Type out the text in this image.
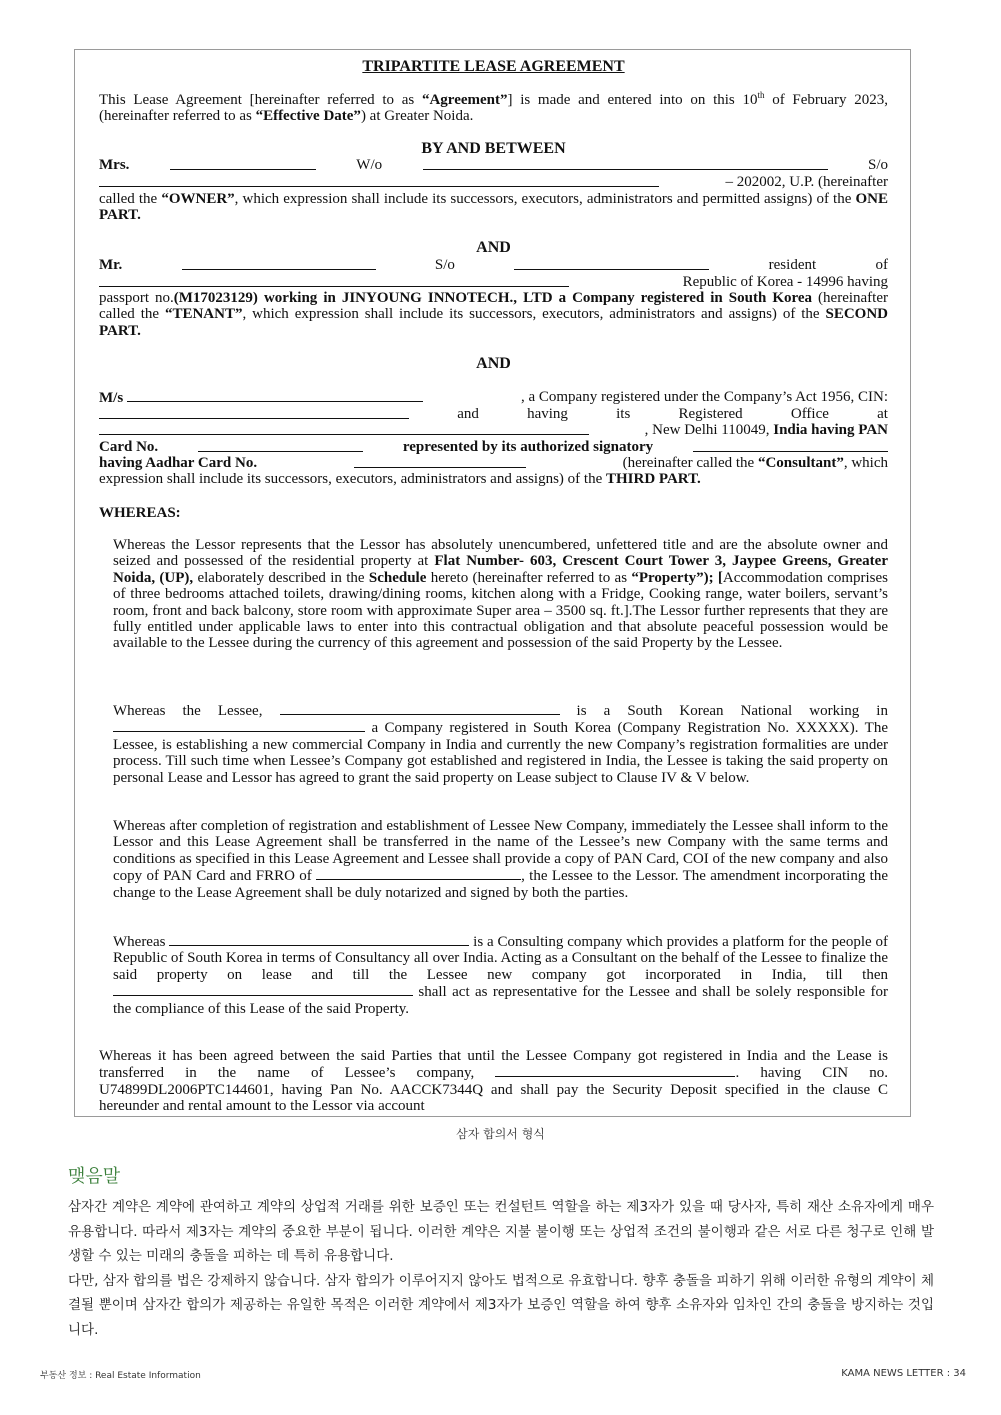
TRIPARTITE LEASE AGREEMENT
This Lease Agreement [hereinafter referred to as “Agreement”] is made and entered into on this 10th of February 2023, (hereinafter referred to as “Effective Date”) at Greater Noida.
BY AND BETWEEN
Mrs.	W/o	S/o
– 202002, U.P. (hereinafter
called the “OWNER”, which expression shall include its successors, executors, administrators and permitted assigns) of the ONE PART.
AND
Mr.	S/o	resident	of
Republic of Korea - 14996 having
passport no.(M17023129) working in JINYOUNG INNOTECH., LTD a Company registered in South Korea (hereinafter called the “TENANT”, which expression shall include its successors, executors, administrators and assigns) of the SECOND PART.
AND
M/s	, a Company registered under the Company’s Act 1956, CIN:
and	having	its	Registered	Office	at
, New Delhi 110049, India having PAN
Card No.	represented by its authorized signatory
having Aadhar Card No.	(hereinafter called the “Consultant”, which
expression shall include its successors, executors, administrators and assigns) of the THIRD PART.
WHEREAS:
Whereas the Lessor represents that the Lessor has absolutely unencumbered, unfettered title and are the absolute owner and seized and possessed of the residential property at Flat Number- 603, Crescent Court Tower 3, Jaypee Greens, Greater Noida, (UP), elaborately described in the Schedule hereto (hereinafter referred to as “Property”); [Accommodation comprises of three bedrooms attached toilets, drawing/dining rooms, kitchen along with a Fridge, Cooking range, water boilers, servant’s room, front and back balcony, store room with approximate Super area – 3500 sq. ft.].The Lessor further represents that they are fully entitled under applicable laws to enter into this contractual obligation and that absolute peaceful possession would be available to the Lessee during the currency of this agreement and possession of the said Property by the Lessee.
Whereas the Lessee,	is a South Korean National working in  a Company registered in South Korea (Company Registration No. XXXXX). The Lessee, is establishing a new commercial Company in India and currently the new Company’s registration formalities are under process. Till such time when Lessee’s Company got established and registered in India, the Lessee is taking the said property on personal Lease and Lessor has agreed to grant the said property on Lease subject to Clause IV & V below.
Whereas after completion of registration and establishment of Lessee New Company, immediately the Lessee shall inform to the Lessor and this Lease Agreement shall be transferred in the name of the Lessee’s new Company with the same terms and conditions as specified in this Lease Agreement and Lessee shall provide a copy of PAN Card, COI of the new company and also copy of PAN Card and FRRO of	, the Lessee to the Lessor. The amendment incorporating the change to the Lease Agreement shall be duly notarized and signed by both the parties.
Whereas	is a Consulting company which provides a platform for the people of Republic of South Korea in terms of Consultancy all over India. Acting as a Consultant on the behalf of the Lessee to finalize the said property on lease and till the Lessee new company got incorporated in India, till then  shall act as representative for the Lessee and shall be solely responsible for the compliance of this Lease of the said Property.
Whereas it has been agreed between the said Parties that until the Lessee Company got registered in India and the Lease is transferred in the name of Lessee’s company,	. having CIN no. U74899DL2006PTC144601, having Pan No. AACCK7344Q and shall pay the Security Deposit specified in the clause C hereunder and rental amount to the Lessor via account
삼자 합의서 형식
맺음말
삼자간 계약은 계약에 관여하고 계약의 상업적 거래를 위한 보증인 또는 컨설턴트 역할을 하는 제3자가 있을 때 당사자, 특히 재산 소유자에게 매우 유용합니다. 따라서 제3자는 계약의 중요한 부분이 됩니다. 이러한 계약은 지불 불이행 또는 상업적 조건의 불이행과 같은 서로 다른 청구로 인해 발생할 수 있는 미래의 충돌을 피하는 데 특히 유용합니다.
다만, 삼자 합의를 법은 강제하지 않습니다. 삼자 합의가 이루어지지 않아도 법적으로 유효합니다. 향후 충돌을 피하기 위해 이러한 유형의 계약이 체결될 뿐이며 삼자간 합의가 제공하는 유일한 목적은 이러한 계약에서 제3자가 보증인 역할을 하여 향후 소유자와 임차인 간의 충돌을 방지하는 것입니다.
부동산 정보 : Real Estate Information	KAMA NEWS LETTER : 34
